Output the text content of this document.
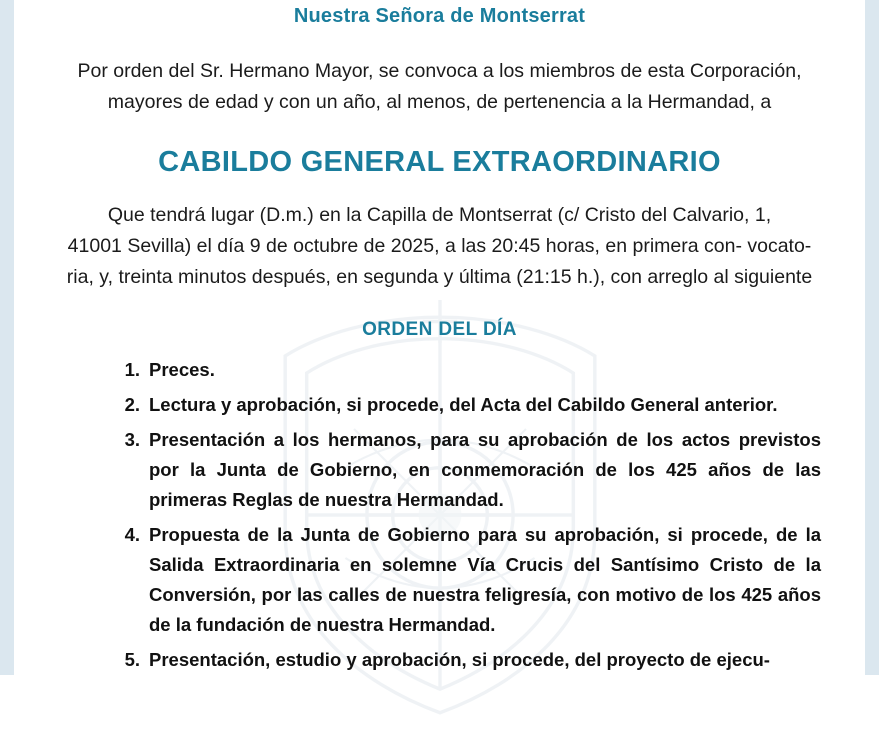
Nuestra Señora de Montserrat
Por orden del Sr. Hermano Mayor, se convoca a los miembros de esta Corporación,
mayores de edad y con un año, al menos, de pertenencia a la Hermandad, a
CABILDO GENERAL EXTRAORDINARIO
Que tendrá lugar (D.m.) en la Capilla de Montserrat (c/ Cristo del Calvario, 1,
41001 Sevilla) el día 9 de octubre de 2025, a las 20:45 horas, en primera con- vocato-
ria, y, treinta minutos después, en segunda y última (21:15 h.), con arreglo al siguiente
ORDEN DEL DÍA
Preces.
Lectura y aprobación, si procede, del Acta del Cabildo General anterior.
Presentación a los hermanos, para su aprobación de los actos previstos por la Junta de Gobierno, en conmemoración de los 425 años de las primeras Reglas de nuestra Hermandad.
Propuesta de la Junta de Gobierno para su aprobación, si procede, de la Salida Extraordinaria en solemne Vía Crucis del Santísimo Cristo de la Conversión, por las calles de nuestra feligresía, con motivo de los 425 años de la fundación de nuestra Hermandad.
Presentación, estudio y aprobación, si procede, del proyecto de ejecu-
